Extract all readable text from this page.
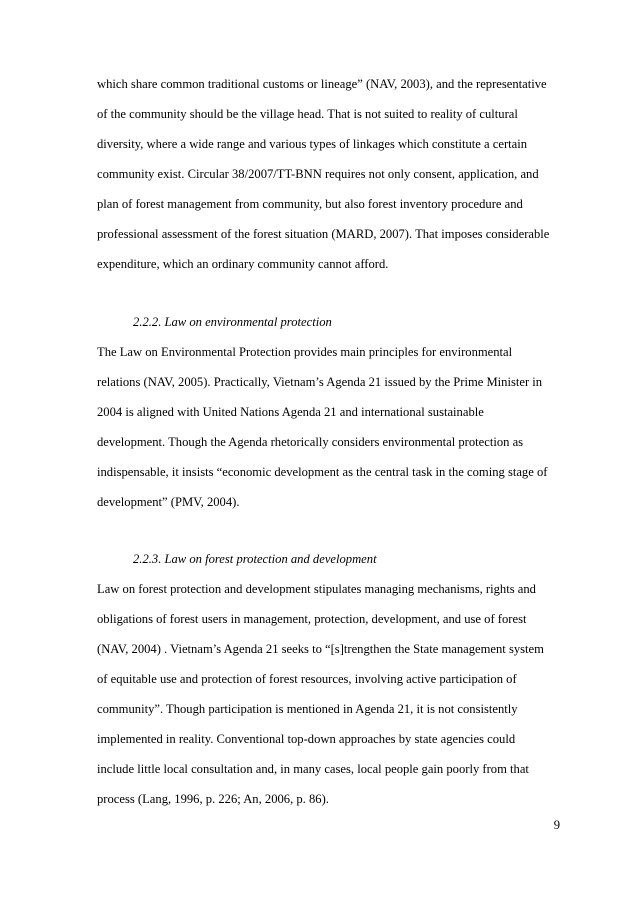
which share common traditional customs or lineage” (NAV, 2003), and the representative
of the community should be the village head. That is not suited to reality of cultural
diversity, where a wide range and various types of linkages which constitute a certain
community exist. Circular 38/2007/TT-BNN requires not only consent, application, and
plan of forest management from community, but also forest inventory procedure and
professional assessment of the forest situation (MARD, 2007). That imposes considerable
expenditure, which an ordinary community cannot afford.
2.2.2. Law on environmental protection
The Law on Environmental Protection provides main principles for environmental
relations (NAV, 2005). Practically, Vietnam’s Agenda 21 issued by the Prime Minister in
2004 is aligned with United Nations Agenda 21 and international sustainable
development. Though the Agenda rhetorically considers environmental protection as
indispensable, it insists “economic development as the central task in the coming stage of
development” (PMV, 2004).
2.2.3. Law on forest protection and development
Law on forest protection and development stipulates managing mechanisms, rights and
obligations of forest users in management, protection, development, and use of forest
(NAV, 2004) . Vietnam’s Agenda 21 seeks to “[s]trengthen the State management system
of equitable use and protection of forest resources, involving active participation of
community”. Though participation is mentioned in Agenda 21, it is not consistently
implemented in reality. Conventional top-down approaches by state agencies could
include little local consultation and, in many cases, local people gain poorly from that
process (Lang, 1996, p. 226; An, 2006, p. 86).
9
